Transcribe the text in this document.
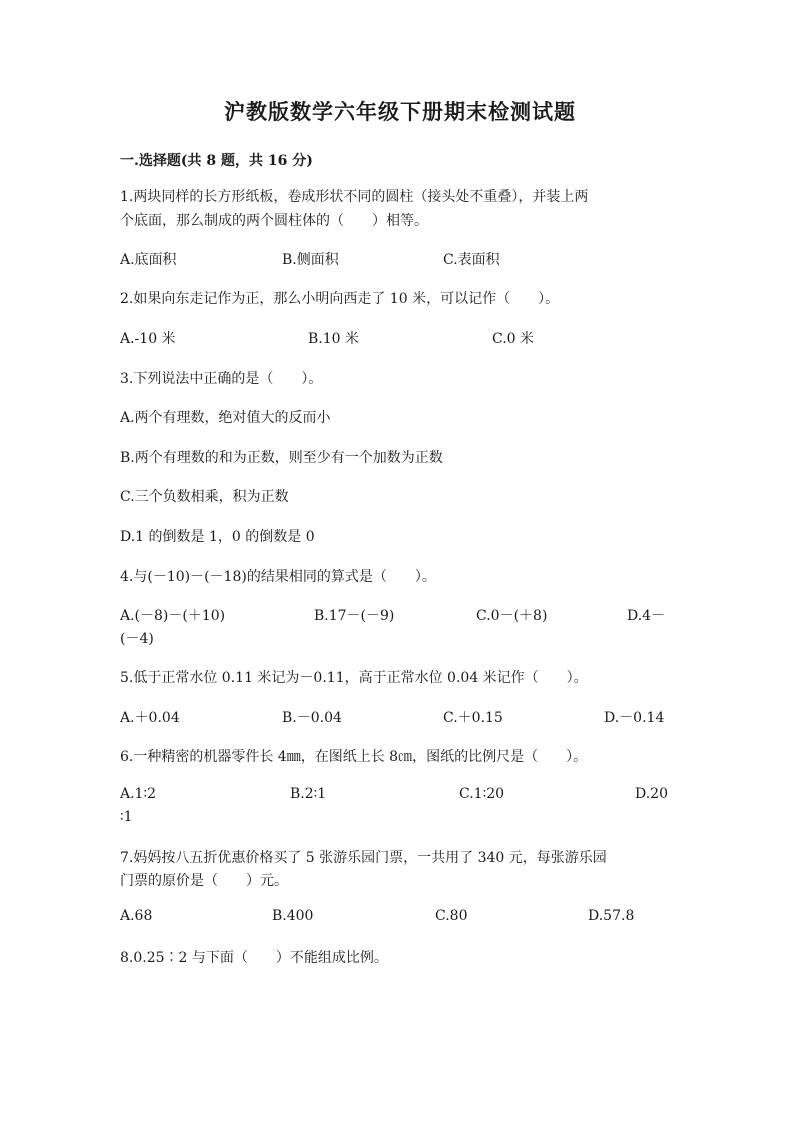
沪教版数学六年级下册期末检测试题
一.选择题(共 8 题，共 16 分)
1.两块同样的长方形纸板，卷成形状不同的圆柱（接头处不重叠），并装上两
个底面，那么制成的两个圆柱体的（　　）相等。
A.底面积	B.侧面积	C.表面积
2.如果向东走记作为正，那么小明向西走了 10 米，可以记作（　　）。
A.-10 米	B.10 米	C.0 米
3.下列说法中正确的是（　　）。
A.两个有理数，绝对值大的反而小
B.两个有理数的和为正数，则至少有一个加数为正数
C.三个负数相乘，积为正数
D.1 的倒数是 1，0 的倒数是 0
4.与(－10)－(－18)的结果相同的算式是（　　）。
A.(－8)－(＋10)	B.17－(－9)	C.0－(＋8)	D.4－
(－4)
5.低于正常水位 0.11 米记为－0.11，高于正常水位 0.04 米记作（　　）。
A.＋0.04	B.－0.04	C.＋0.15	D.－0.14
6.一种精密的机器零件长 4㎜，在图纸上长 8㎝，图纸的比例尺是（　　）。
A.1∶2	B.2∶1	C.1∶20	D.20
∶1
7.妈妈按八五折优惠价格买了 5 张游乐园门票，一共用了 340 元，每张游乐园
门票的原价是（　　）元。
A.68	B.400	C.80	D.57.8
8.0.25∶2 与下面（　　）不能组成比例。
